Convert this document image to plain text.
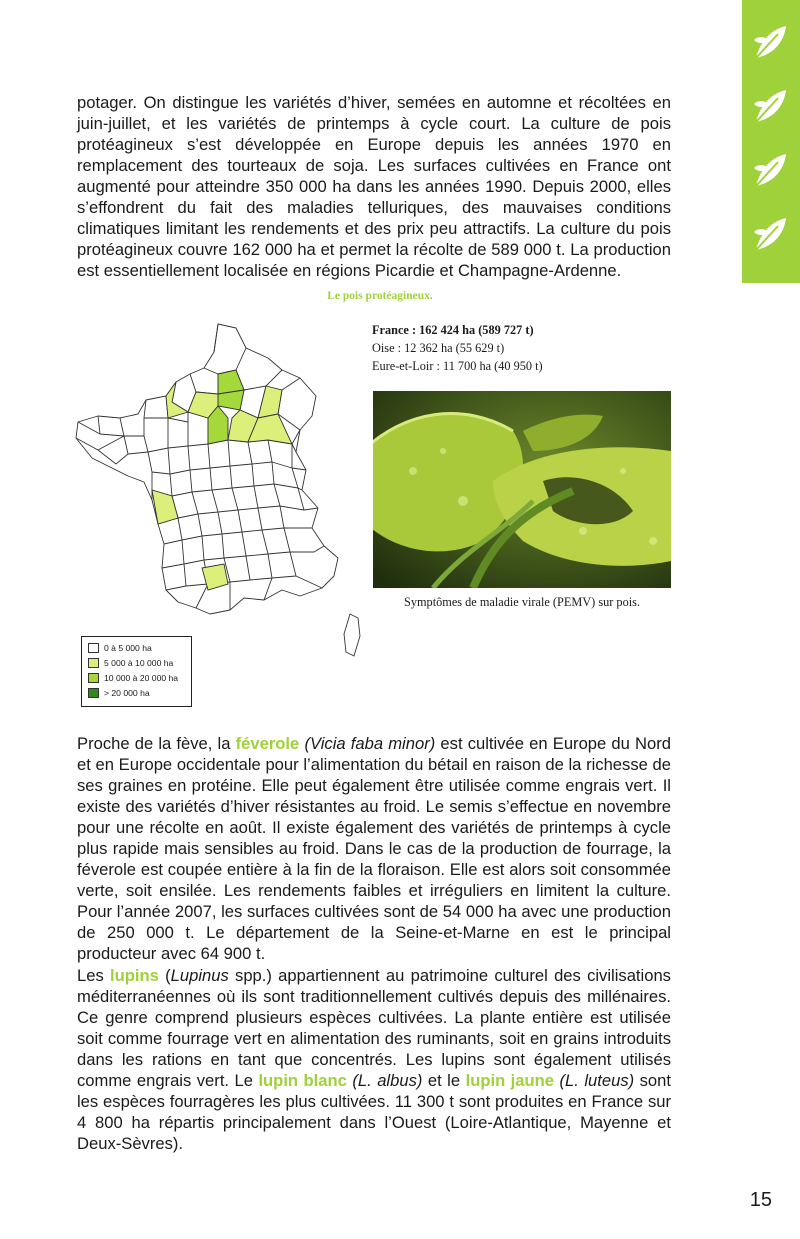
potager. On distingue les variétés d’hiver, semées en automne et récoltées en juin-juillet, et les variétés de printemps à cycle court. La culture de pois protéagineux s’est développée en Europe depuis les années 1970 en remplacement des tourteaux de soja. Les surfaces cultivées en France ont augmenté pour atteindre 350 000 ha dans les années 1990. Depuis 2000, elles s’effondrent du fait des maladies telluriques, des mauvaises conditions climatiques limitant les rendements et des prix peu attractifs. La culture du pois protéagineux couvre 162 000 ha et permet la récolte de 589 000 t. La production est essentiellement localisée en régions Picardie et Champagne-Ardenne.

Le pois protéagineux.
France : 162 424 ha (589 727 t)
Oise : 12 362 ha (55 629 t)
Eure-et-Loir : 11 700 ha (40 950 t)
0 à 5 000 ha
5 000 à 10 000 ha
10 000 à 20 000 ha
> 20 000 ha
Symptômes de maladie virale (PEMV) sur pois.

Proche de la fève, la féverole (Vicia faba minor) est cultivée en Europe du Nord et en Europe occidentale pour l’alimentation du bétail en raison de la richesse de ses graines en protéine. Elle peut également être utilisée comme engrais vert. Il existe des variétés d’hiver résistantes au froid. Le semis s’effectue en novembre pour une récolte en août. Il existe également des variétés de printemps à cycle plus rapide mais sensibles au froid. Dans le cas de la production de fourrage, la féverole est coupée entière à la fin de la floraison. Elle est alors soit consommée verte, soit ensilée. Les rendements faibles et irréguliers en limitent la culture. Pour l’année 2007, les surfaces cultivées sont de 54 000 ha avec une production de 250 000 t. Le département de la Seine-et-Marne en est le principal producteur avec 64 900 t.

Les lupins (Lupinus spp.) appartiennent au patrimoine culturel des civilisations méditerranéennes où ils sont traditionnellement cultivés depuis des millénaires. Ce genre comprend plusieurs espèces cultivées. La plante entière est utilisée soit comme fourrage vert en alimentation des ruminants, soit en grains introduits dans les rations en tant que concentrés. Les lupins sont également utilisés comme engrais vert. Le lupin blanc (L. albus) et le lupin jaune (L. luteus) sont les espèces fourragères les plus cultivées. 11 300 t sont produites en France sur 4 800 ha répartis principalement dans l’Ouest (Loire-Atlantique, Mayenne et Deux-Sèvres).

15
